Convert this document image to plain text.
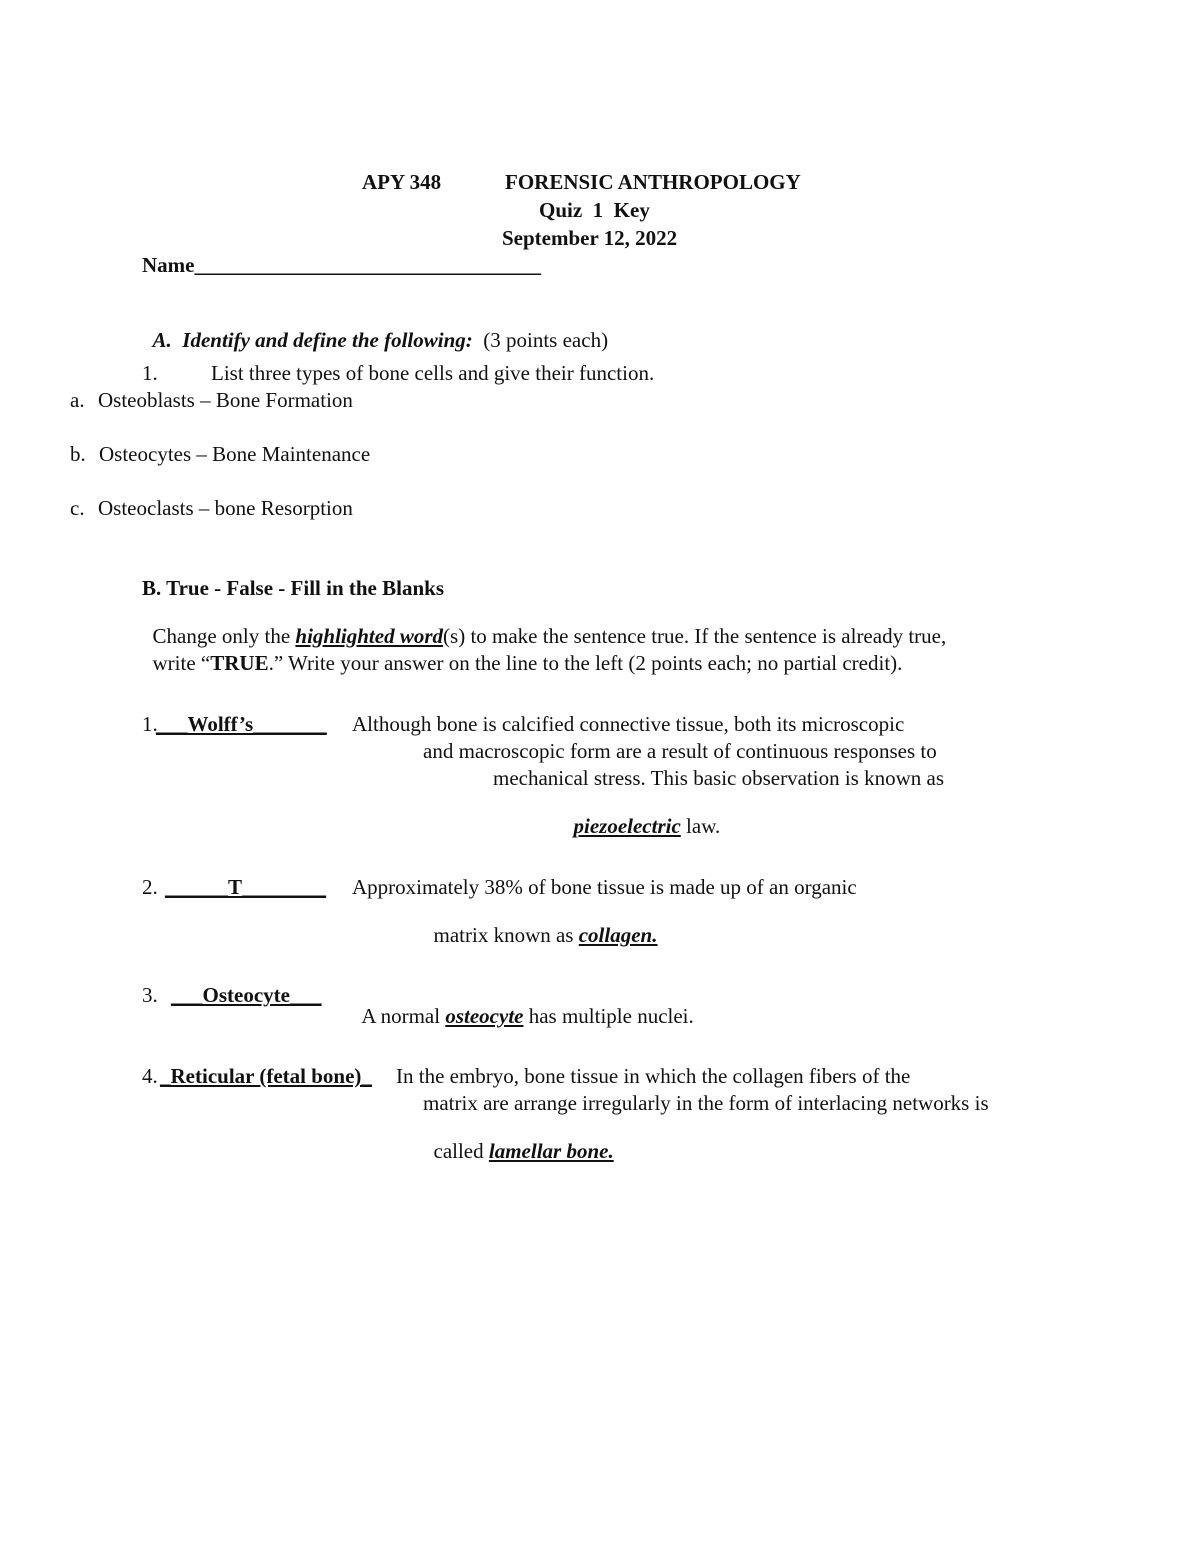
APY 348	FORENSIC ANTHROPOLOGY
Quiz  1  Key
September 12, 2022
Name_________________________________

A.  Identify and define the following:  (3 points each)

1.	List three types of bone cells and give their function.
a. Osteoblasts – Bone Formation
b. Osteocytes – Bone Maintenance
c. Osteoclasts – bone Resorption
B. True - False - Fill in the Blanks

Change only the highlighted word(s) to make the sentence true. If the sentence is already true,

write “TRUE.” Write your answer on the line to the left (2 points each; no partial credit).

1.
___Wolff’s_______ Although bone is calcified connective tissue, both its microscopic
and macroscopic form are a result of continuous responses to
mechanical stress. This basic observation is known as

piezoelectric law.

2. ______T________ Approximately 38% of bone tissue is made up of an organic

matrix known as collagen.

3. ___Osteocyte___

A normal osteocyte has multiple nuclei.

4. _Reticular (fetal bone)_ In the embryo, bone tissue in which the collagen fibers of the
matrix are arrange irregularly in the form of interlacing networks is

called lamellar bone.
